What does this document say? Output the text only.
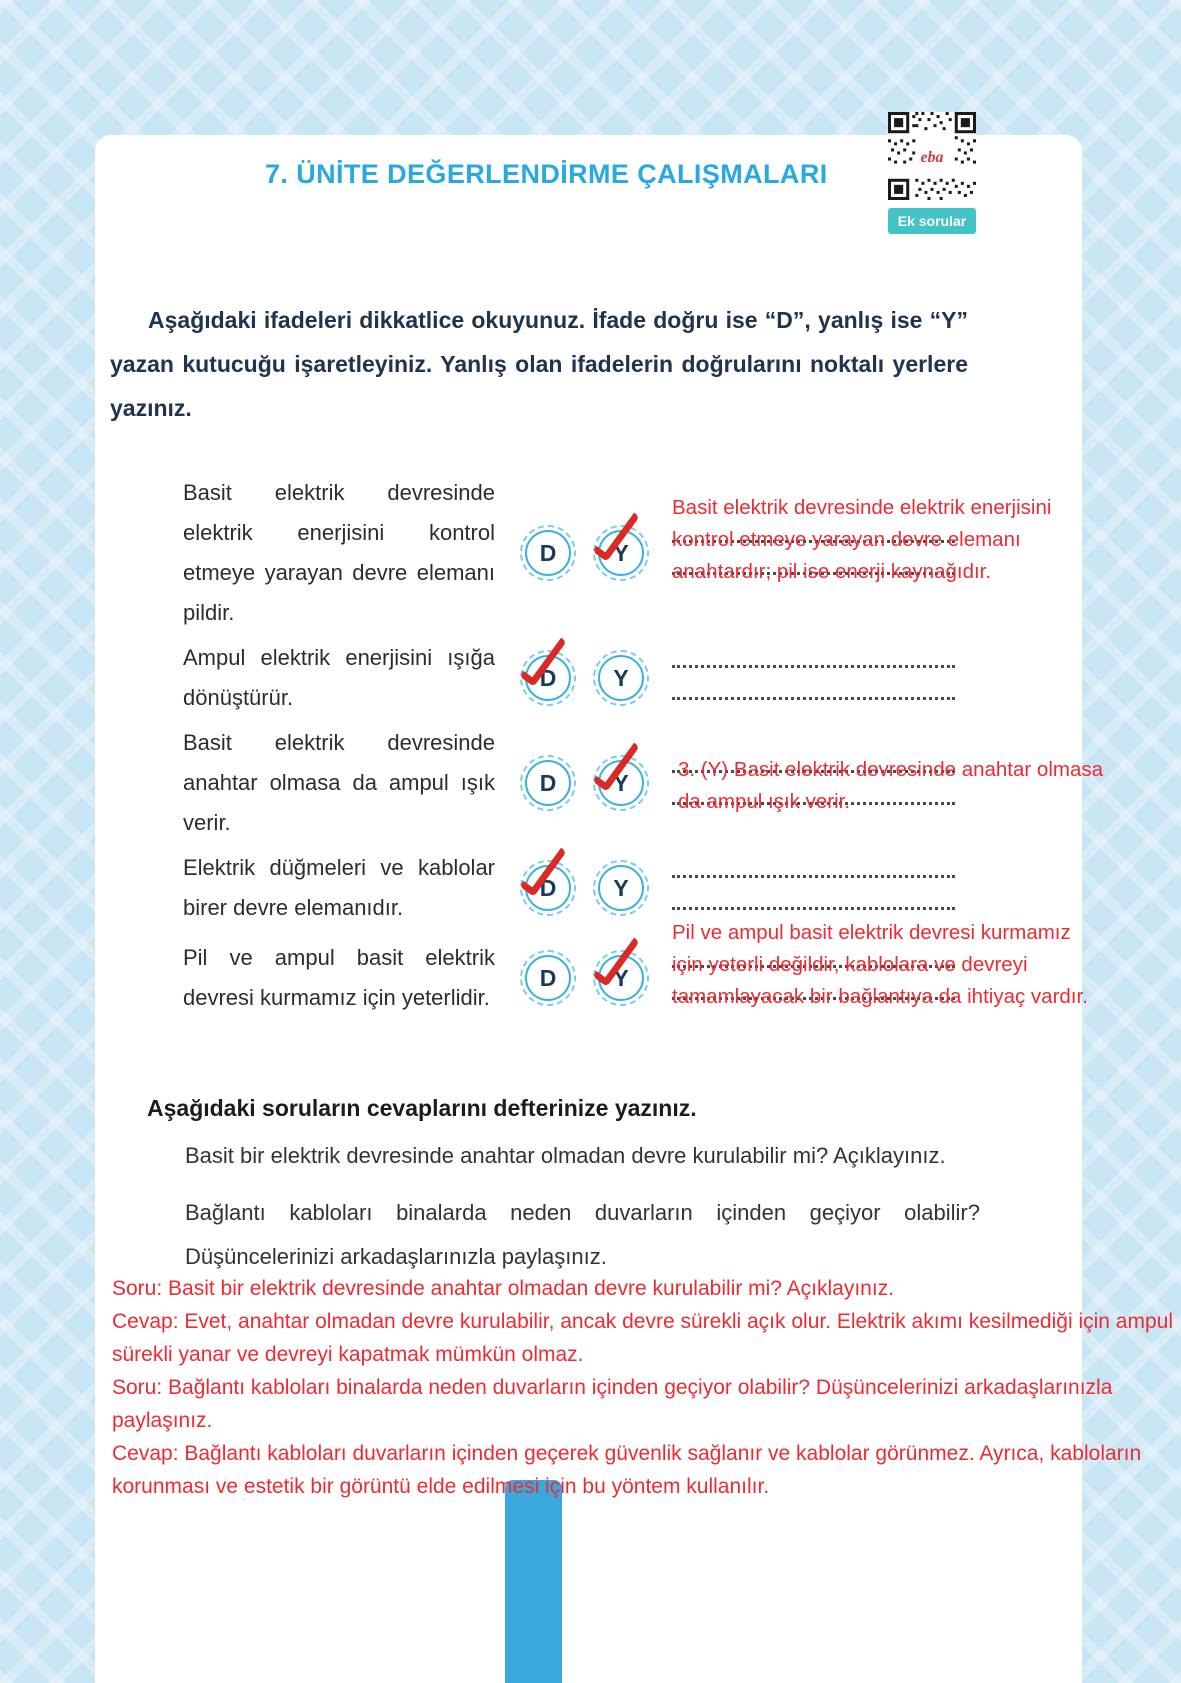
7. ÜNİTE DEĞERLENDİRME ÇALIŞMALARI

Aşağıdaki ifadeleri dikkatlice okuyunuz. İfade doğru ise “D”, yanlış ise “Y” yazan kutucuğu işaretleyiniz. Yanlış olan ifadelerin doğrularını noktalı yerlere yazınız.

Basit elektrik devresinde elektrik enerjisini kontrol etmeye yarayan devre elemanı pildir.

D	Y
Basit elektrik devresinde elektrik enerjisini
kontrol etmeye yarayan devre elemanı
anahtardır; pil ise enerji kaynağıdır.

Ampul elektrik enerjisini ışığa dönüştürür.

D	Y

Basit elektrik devresinde anahtar olmasa da ampul ışık verir.

D	Y	3. (Y) Basit elektrik devresinde anahtar olmasa
da ampul ışık verir.

Elektrik düğmeleri ve kablolar birer devre elemanıdır.

D	Y

Pil ve ampul basit elektrik devresi kurmamız için yeterlidir.

D	Y
Pil ve ampul basit elektrik devresi kurmamız
için yeterli değildir, kablolara ve devreyi
tamamlayacak bir bağlantıya da ihtiyaç vardır.
Aşağıdaki soruların cevaplarını defterinize yazınız.

Basit bir elektrik devresinde anahtar olmadan devre kurulabilir mi? Açıklayınız.

Bağlantı kabloları binalarda neden duvarların içinden geçiyor olabilir? Düşüncelerinizi arkadaşlarınızla paylaşınız.

eba
Ek sorular

Soru: Basit bir elektrik devresinde anahtar olmadan devre kurulabilir mi? Açıklayınız.

Cevap: Evet, anahtar olmadan devre kurulabilir, ancak devre sürekli açık olur. Elektrik akımı kesilmediği için ampul sürekli yanar ve devreyi kapatmak mümkün olmaz.

Soru: Bağlantı kabloları binalarda neden duvarların içinden geçiyor olabilir? Düşüncelerinizi arkadaşlarınızla paylaşınız.

Cevap: Bağlantı kabloları duvarların içinden geçerek güvenlik sağlanır ve kablolar görünmez. Ayrıca, kabloların korunması ve estetik bir görüntü elde edilmesi için bu yöntem kullanılır.
